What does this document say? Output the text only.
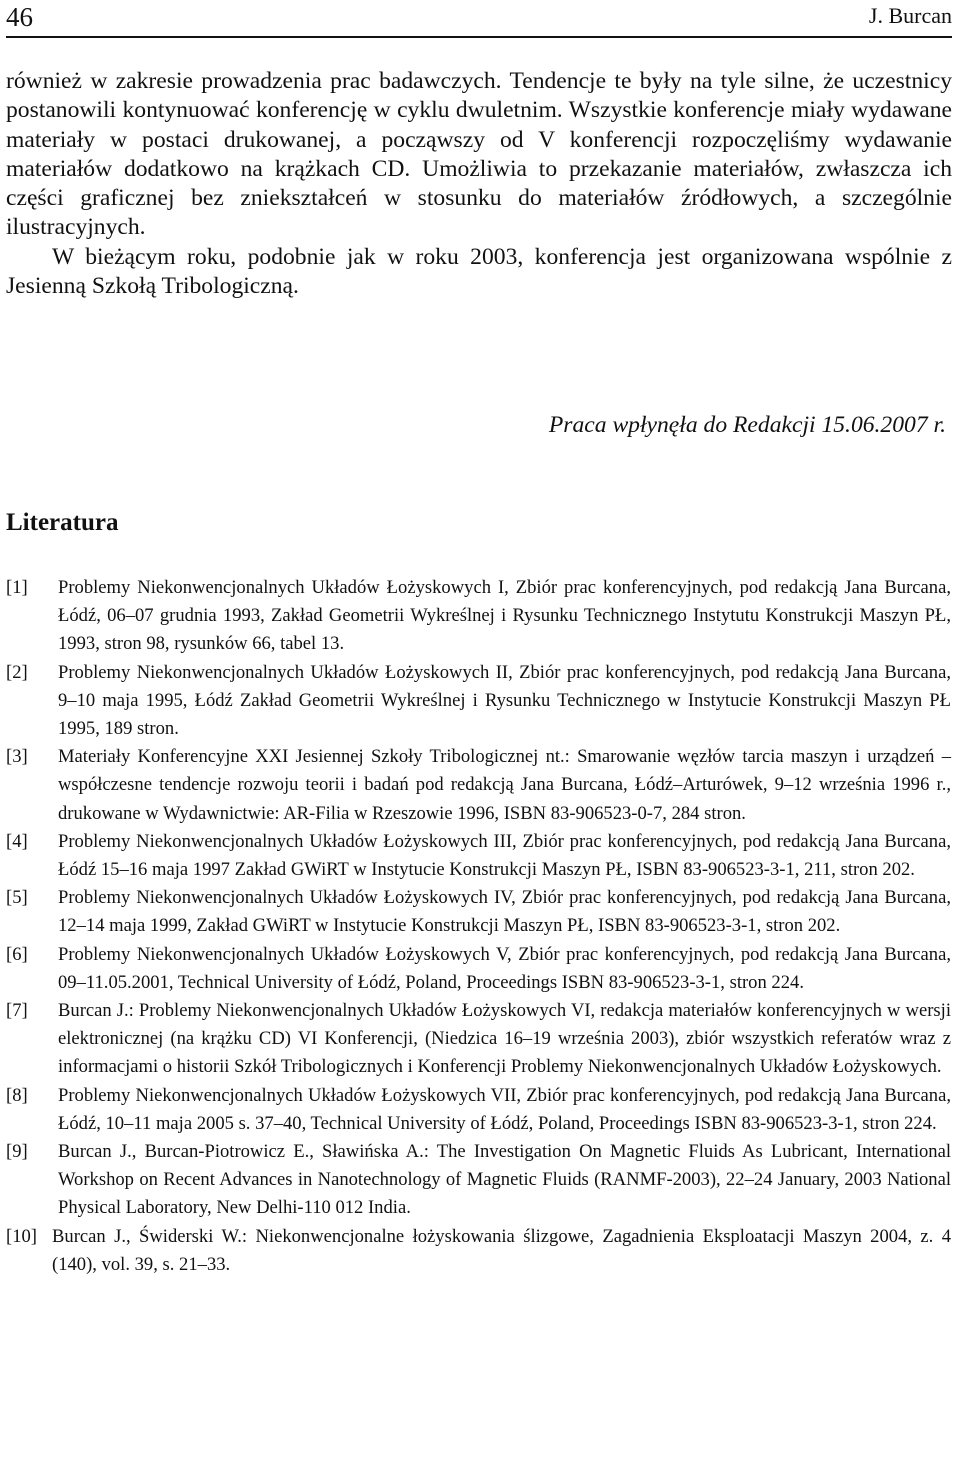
46	J. Burcan

również w zakresie prowadzenia prac badawczych. Tendencje te były na tyle silne, że uczestnicy postanowili kontynuować konferencję w cyklu dwuletnim. Wszystkie konferencje miały wydawane materiały w postaci drukowanej, a począwszy od V konferencji rozpoczęliśmy wydawanie materiałów dodatkowo na krążkach CD. Umożliwia to przekazanie materiałów, zwłaszcza ich części graficznej bez zniekształceń w stosunku do materiałów źródłowych, a szczególnie ilustracyjnych.

W bieżącym roku, podobnie jak w roku 2003, konferencja jest organizowana wspólnie z Jesienną Szkołą Tribologiczną.

Praca wpłynęła do Redakcji 15.06.2007 r.
Literatura
[1]	Problemy Niekonwencjonalnych Układów Łożyskowych I, Zbiór prac konferencyjnych, pod redakcją Jana Burcana, Łódź, 06‒07 grudnia 1993, Zakład Geometrii Wykreślnej i Rysunku Technicznego Instytutu Konstrukcji Maszyn PŁ, 1993, stron 98, rysunków 66, tabel 13.
[2]	Problemy Niekonwencjonalnych Układów Łożyskowych II, Zbiór prac konferencyjnych, pod redakcją Jana Burcana, 9‒10 maja 1995, Łódź Zakład Geometrii Wykreślnej i Rysunku Technicznego w Instytucie Konstrukcji Maszyn PŁ 1995, 189 stron.
[3]	Materiały Konferencyjne XXI Jesiennej Szkoły Tribologicznej nt.: Smarowanie węzłów tarcia maszyn i urządzeń ‒ współczesne tendencje rozwoju teorii i badań pod redakcją Jana Burcana, Łódź‒Arturówek, 9‒12 września 1996 r., drukowane w Wydawnictwie: AR-Filia w Rzeszowie 1996, ISBN 83-906523-0-7, 284 stron.
[4]	Problemy Niekonwencjonalnych Układów Łożyskowych III, Zbiór prac konferencyjnych, pod redakcją Jana Burcana, Łódź 15‒16 maja 1997 Zakład GWiRT w Instytucie Konstrukcji Maszyn PŁ, ISBN 83-906523-3-1, 211, stron 202.
[5]	Problemy Niekonwencjonalnych Układów Łożyskowych IV, Zbiór prac konferencyjnych, pod redakcją Jana Burcana, 12‒14 maja 1999, Zakład GWiRT w Instytucie Konstrukcji Maszyn PŁ, ISBN 83-906523-3-1, stron 202.
[6]	Problemy Niekonwencjonalnych Układów Łożyskowych V, Zbiór prac konferencyjnych, pod redakcją Jana Burcana, 09‒11.05.2001, Technical University of Łódź, Poland, Proceedings ISBN 83-906523-3-1, stron 224.
[7]	Burcan J.: Problemy Niekonwencjonalnych Układów Łożyskowych VI, redakcja materiałów konferencyjnych w wersji elektronicznej (na krążku CD) VI Konferencji, (Niedzica 16‒19 września 2003), zbiór wszystkich referatów wraz z informacjami o historii Szkół Tribologicznych i Konferencji Problemy Niekonwencjonalnych Układów Łożyskowych.
[8]	Problemy Niekonwencjonalnych Układów Łożyskowych VII, Zbiór prac konferencyjnych, pod redakcją Jana Burcana, Łódź, 10‒11 maja 2005 s. 37‒40, Technical University of Łódź, Poland, Proceedings ISBN 83-906523-3-1, stron 224.
[9]	Burcan J., Burcan-Piotrowicz E., Sławińska A.: The Investigation On Magnetic Fluids As Lubricant, International Workshop on Recent Advances in Nanotechnology of Magnetic Fluids (RANMF-2003), 22‒24 January, 2003 National Physical Laboratory, New Delhi-110 012 India.
[10] Burcan J., Świderski W.: Niekonwencjonalne łożyskowania ślizgowe, Zagadnienia Eksploatacji Maszyn 2004, z. 4 (140), vol. 39, s. 21‒33.
